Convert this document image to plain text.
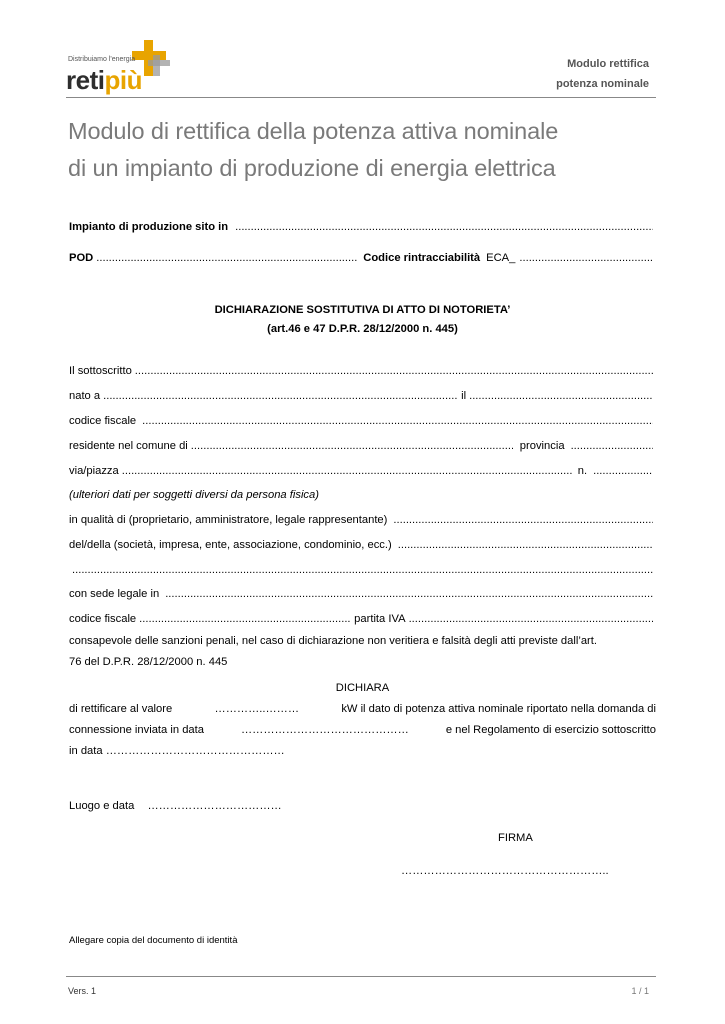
Distribuiamo l'energia
retipiù
Modulo rettifica
potenza nominale
Modulo di rettifica della potenza attiva nominale
di un impianto di produzione di energia elettrica
Impianto di produzione sito in
.....
POD .....	Codice rintracciabilità ECA_
.....
DICHIARAZIONE SOSTITUTIVA DI ATTO DI NOTORIETA’
(art.46 e 47 D.P.R. 28/12/2000 n. 445)
Il sottoscritto
.....
nato a .....	il
.....
codice fiscale
.....
residente nel comune di .....	provincia
.....
via/piazza .....	n.
.....
(ulteriori dati per soggetti diversi da persona fisica)
in qualità di (proprietario, amministratore, legale rappresentante)
.....
del/della (società, impresa, ente, associazione, condominio, ecc.)
.....
.....
con sede legale in
.....
codice fiscale .....	partita IVA
.....
consapevole delle sanzioni penali, nel caso di dichiarazione non veritiera e falsità degli atti previste dall’art.
76 del D.P.R. 28/12/2000 n. 445
DICHIARA
di rettificare al valore	…………..………	kW il dato di potenza attiva nominale riportato nella domanda di
connessione inviata in data	………………………………………	e nel Regolamento di esercizio sottoscritto
in data …………………………………………
Luogo e data ………………………………
FIRMA
………………………………………………..
Allegare copia del documento di identità
Vers. 1	1 / 1
